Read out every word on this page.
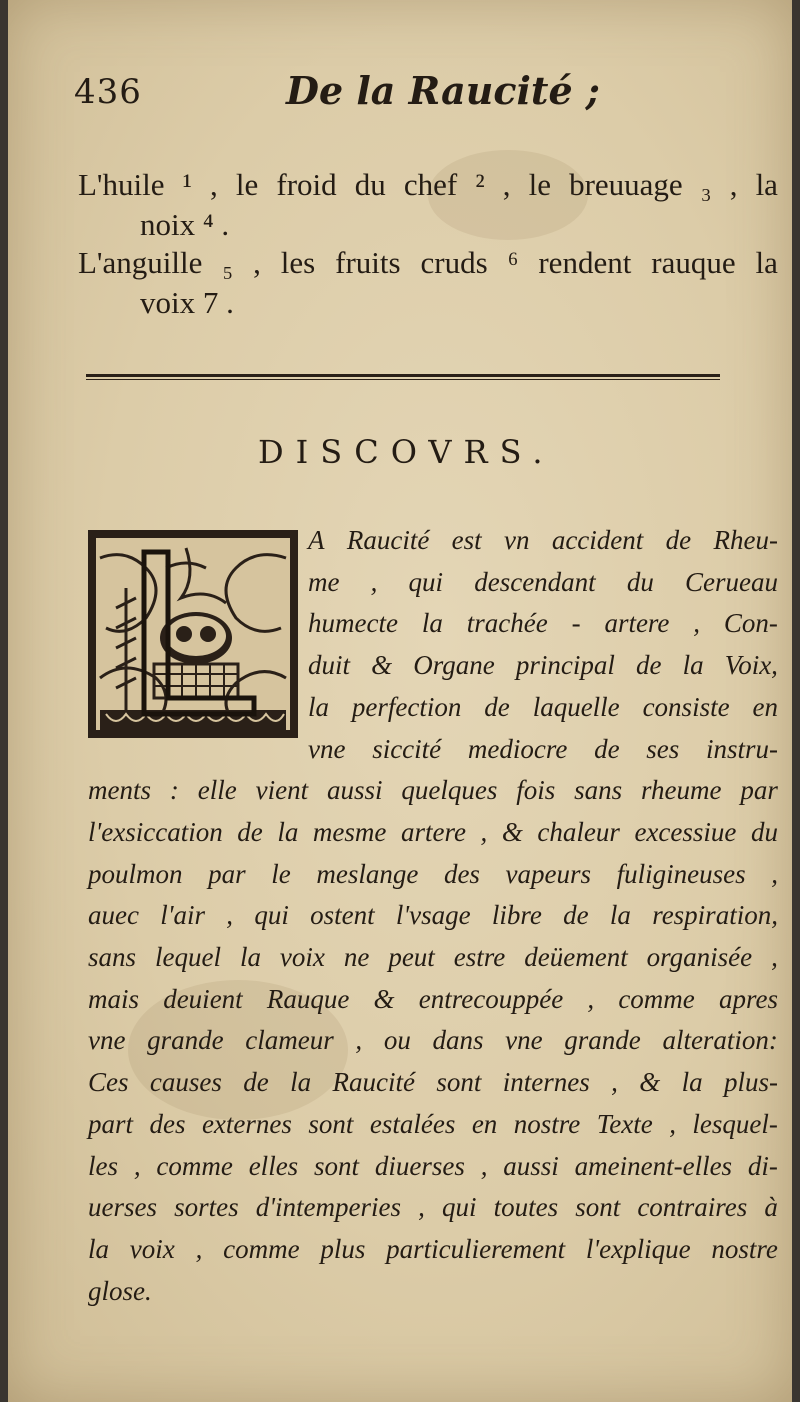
436	De la Raucité ;
L'huile ¹ , le froid du chef ² , le breuuage ₃ , la
noix ⁴ .
L'anguille ₅ , les fruits cruds ⁶ rendent rauque la
voix 7 .
DISCOVRS.
A Raucité est vn accident de Rheu-
me , qui descendant du Cerueau
humecte la trachée - artere , Con-
duit & Organe principal de la Voix,
la perfection de laquelle consiste en
vne siccité mediocre de ses instru-
ments : elle vient aussi quelques fois sans rheume par
l'exsiccation de la mesme artere , & chaleur excessiue du
poulmon par le meslange des vapeurs fuligineuses ,
auec l'air , qui ostent l'vsage libre de la respiration,
sans lequel la voix ne peut estre deüement organisée ,
mais deuient Rauque & entrecouppée , comme apres
vne grande clameur , ou dans vne grande alteration:
Ces causes de la Raucité sont internes , & la plus-
part des externes sont estalées en nostre Texte , lesquel-
les , comme elles sont diuerses , aussi ameinent-elles di-
uerses sortes d'intemperies , qui toutes sont contraires à
la voix , comme plus particulierement l'explique nostre
glose.
